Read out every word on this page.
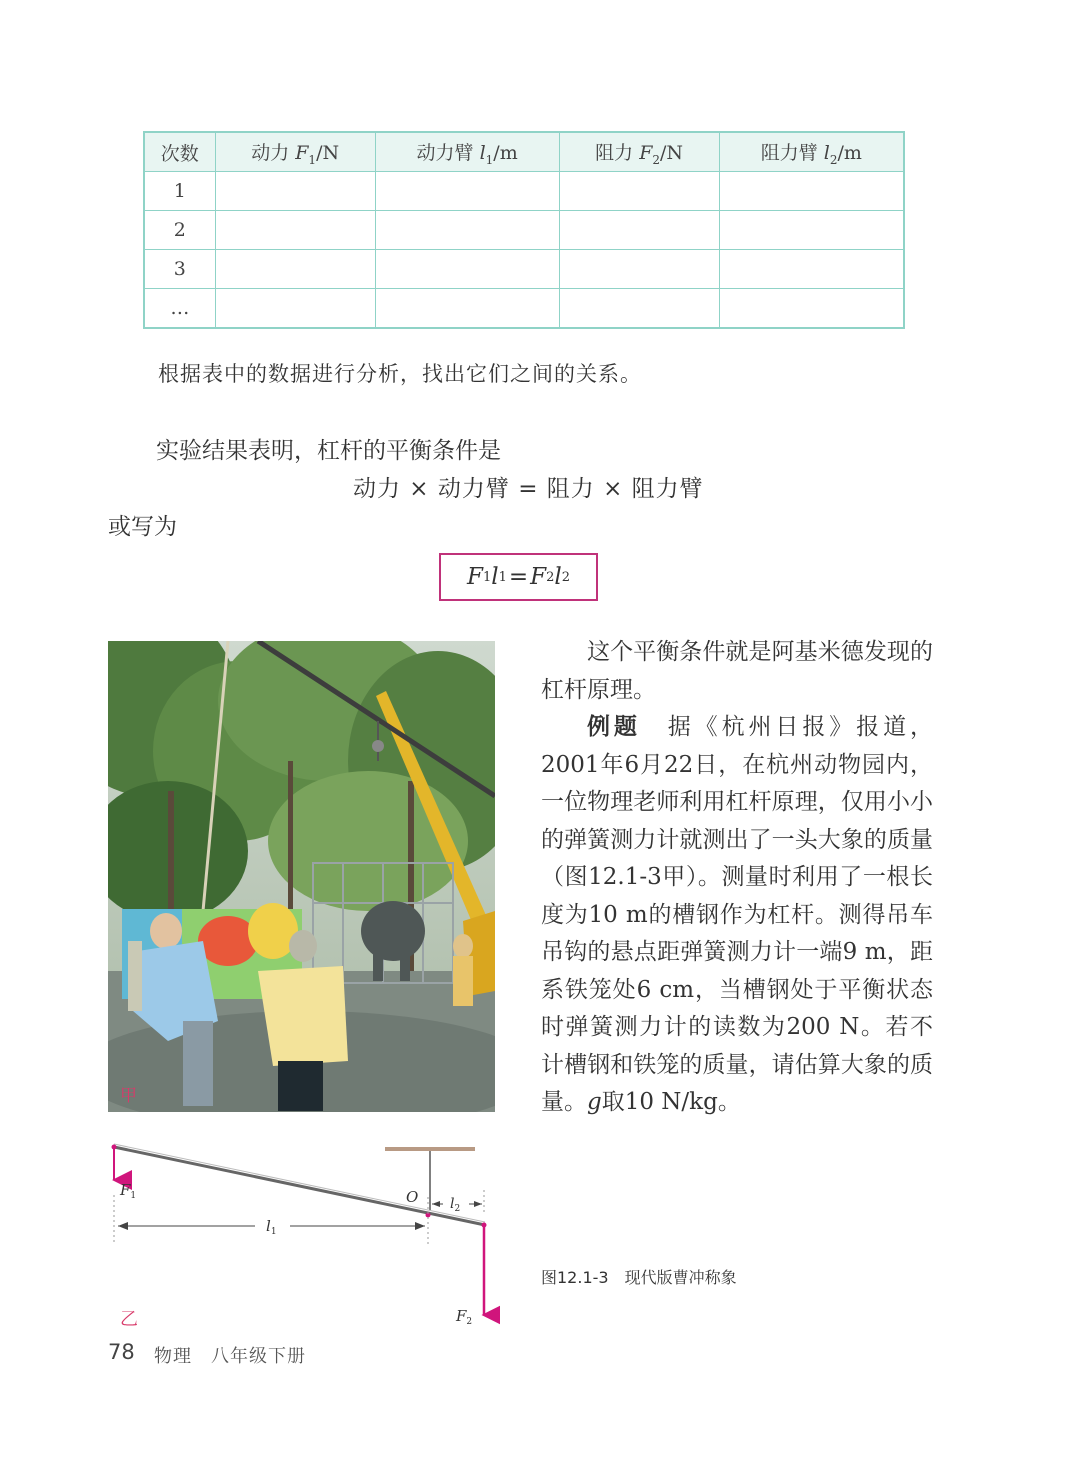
次数	动力 $F_1/N$	动力臂 $l_1/m$	阻力 $F_2/N$	阻力臂 $l_2/m$
1				
2				
3				
…				
根据表中的数据进行分析，找出它们之间的关系。
实验结果表明，杠杆的平衡条件是
动力 × 动力臂 = 阻力 × 阻力臂
或写为
F 1 l 1 = F 2 l 2
甲

这个平衡条件就是阿基米德发现的杠杆原理。

例题　 据《杭州日报》报道，2001年6月22日，在杭州动物园内，一位物理老师利用杠杆原理，仅用小小的弹簧测力计就测出了一头大象的质量（图12.1-3甲）。测量时利用了一根长度为10 m的槽钢作为杠杆。测得吊车吊钩的悬点距弹簧测力计一端9 m，距系铁笼处6 cm，当槽钢处于平衡状态时弹簧测力计的读数为200 N。若不计槽钢和铁笼的质量，请估算大象的质量。g取10 N/kg。

$F_1$
$l_1$
O $l_2$
$F_2$
乙
图12.1-3　现代版曹冲称象
78 物理　八年级下册
